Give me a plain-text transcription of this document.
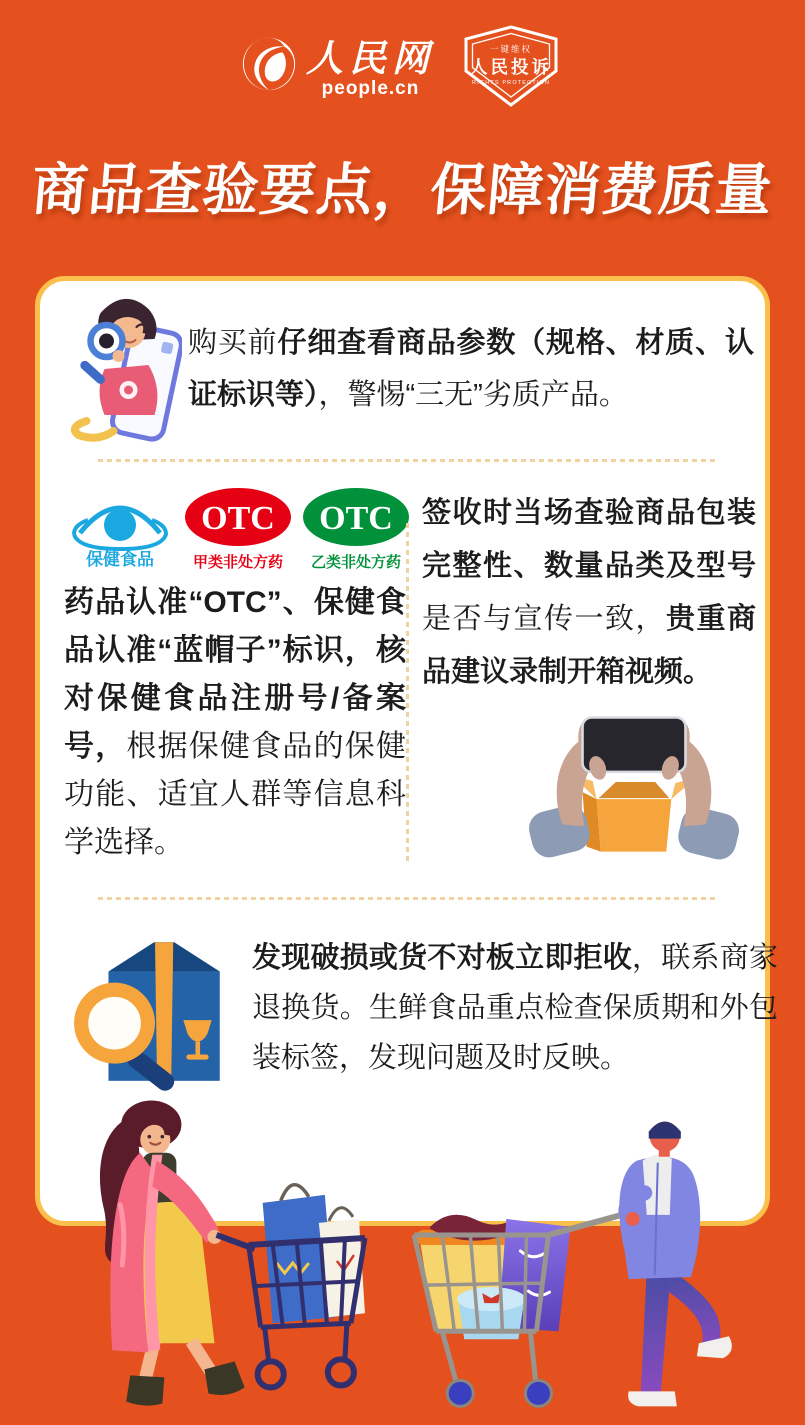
人民网
people.cn
一键维权
人民投诉
RIGHTS PROTECTION
商品查验要点，保障消费质量

购买前仔细查看商品参数（规格、材质、认证标识等），警惕“三无”劣质产品。

保健食品
OTC
甲类非处方药
OTC
乙类非处方药

药品认准“OTC”、保健食品认准“蓝帽子”标识，核对保健食品注册号/备案号，根据保健食品的保健功能、适宜人群等信息科学选择。

签收时当场查验商品包装完整性、数量品类及型号是否与宣传一致，贵重商品建议录制开箱视频。

发现破损或货不对板立即拒收，联系商家退换货。生鲜食品重点检查保质期和外包装标签，发现问题及时反映。
